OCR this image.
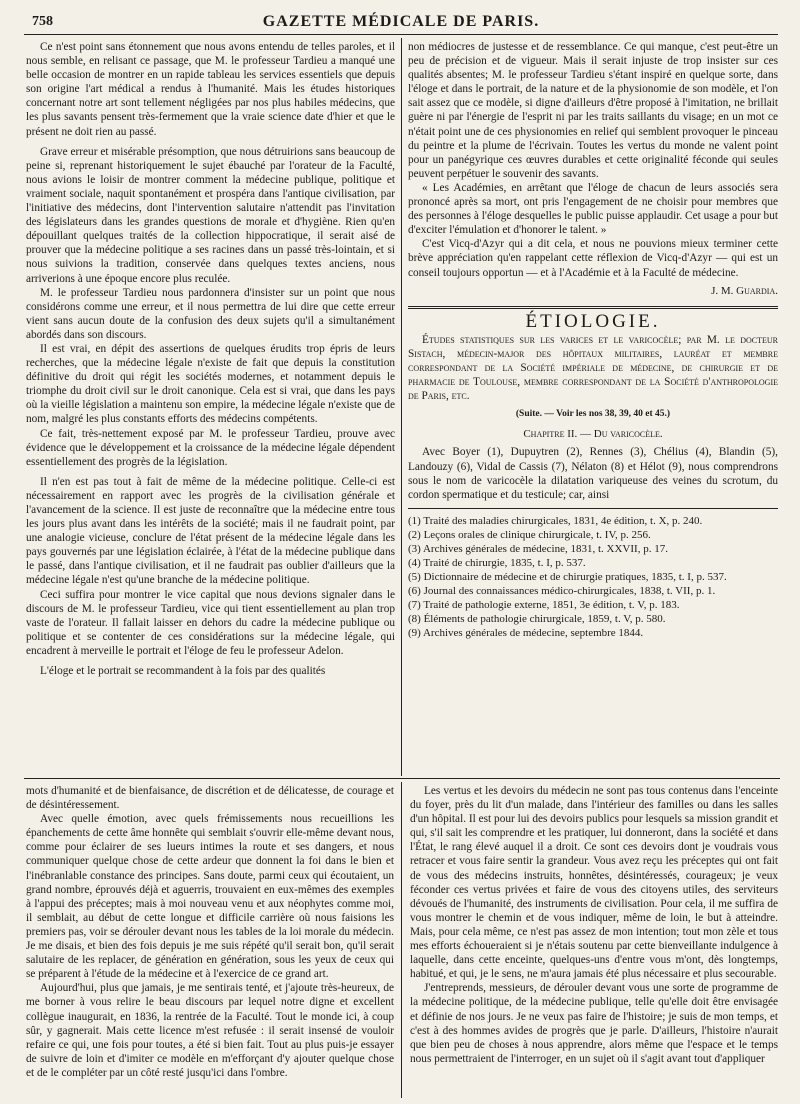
758	GAZETTE MÉDICALE DE PARIS.

Ce n'est point sans étonnement que nous avons entendu de telles paroles, et il nous semble, en relisant ce passage, que M. le professeur Tardieu a manqué une belle occasion de montrer en un rapide tableau les services essentiels que depuis son origine l'art médical a rendus à l'humanité. Mais les études historiques concernant notre art sont tellement négligées par nos plus habiles médecins, que les plus savants pensent très-fermement que la vraie science date d'hier et que le présent ne doit rien au passé.

Grave erreur et misérable présomption, que nous détruirions sans beaucoup de peine si, reprenant historiquement le sujet ébauché par l'orateur de la Faculté, nous avions le loisir de montrer comment la médecine publique, politique et vraiment sociale, naquit spontanément et prospéra dans l'antique civilisation, par l'initiative des médecins, dont l'intervention salutaire n'attendit pas l'invitation des législateurs dans les grandes questions de morale et d'hygiène. Rien qu'en dépouillant quelques traités de la collection hippocratique, il serait aisé de prouver que la médecine politique a ses racines dans un passé très-lointain, et si nous suivions la tradition, conservée dans quelques textes anciens, nous arriverions à une époque encore plus reculée.

M. le professeur Tardieu nous pardonnera d'insister sur un point que nous considérons comme une erreur, et il nous permettra de lui dire que cette erreur vient sans aucun doute de la confusion des deux sujets qu'il a simultanément abordés dans son discours.

Il est vrai, en dépit des assertions de quelques érudits trop épris de leurs recherches, que la médecine légale n'existe de fait que depuis la constitution définitive du droit qui régit les sociétés modernes, et notamment depuis le triomphe du droit civil sur le droit canonique. Cela est si vrai, que dans les pays où la vieille législation a maintenu son empire, la médecine légale n'existe que de nom, malgré les plus constants efforts des médecins compétents.

Ce fait, très-nettement exposé par M. le professeur Tardieu, prouve avec évidence que le développement et la croissance de la médecine légale dépendent essentiellement des progrès de la législation.

Il n'en est pas tout à fait de même de la médecine politique. Celle-ci est nécessairement en rapport avec les progrès de la civilisation générale et l'avancement de la science. Il est juste de reconnaître que la médecine entre tous les jours plus avant dans les intérêts de la société; mais il ne faudrait point, par une analogie vicieuse, conclure de l'état présent de la médecine légale dans les pays gouvernés par une législation éclairée, à l'état de la médecine publique dans le passé, dans l'antique civilisation, et il ne faudrait pas oublier d'ailleurs que la médecine légale n'est qu'une branche de la médecine politique.

Ceci suffira pour montrer le vice capital que nous devions signaler dans le discours de M. le professeur Tardieu, vice qui tient essentiellement au plan trop vaste de l'orateur. Il fallait laisser en dehors du cadre la médecine publique ou politique et se contenter de ces considérations sur la médecine légale, qui encadrent à merveille le portrait et l'éloge de feu le professeur Adelon.

L'éloge et le portrait se recommandent à la fois par des qualités

non médiocres de justesse et de ressemblance. Ce qui manque, c'est peut-être un peu de précision et de vigueur. Mais il serait injuste de trop insister sur ces qualités absentes; M. le professeur Tardieu s'étant inspiré en quelque sorte, dans l'éloge et dans le portrait, de la nature et de la physionomie de son modèle, et l'on sait assez que ce modèle, si digne d'ailleurs d'être proposé à l'imitation, ne brillait guère ni par l'énergie de l'esprit ni par les traits saillants du visage; en un mot ce n'était point une de ces physionomies en relief qui semblent provoquer le pinceau du peintre et la plume de l'écrivain. Toutes les vertus du monde ne valent point pour un panégyrique ces œuvres durables et cette originalité féconde qui seules peuvent perpétuer le souvenir des savants.

« Les Académies, en arrêtant que l'éloge de chacun de leurs associés sera prononcé après sa mort, ont pris l'engagement de ne choisir pour membres que des personnes à l'éloge desquelles le public puisse applaudir. Cet usage a pour but d'exciter l'émulation et d'honorer le talent. »

C'est Vicq-d'Azyr qui a dit cela, et nous ne pouvions mieux terminer cette brève appréciation qu'en rappelant cette réflexion de Vicq-d'Azyr — qui est un conseil toujours opportun — et à l'Académie et à la Faculté de médecine.

J. M. Guardia.
ÉTIOLOGIE.

Études statistiques sur les varices et le varicocèle; par M. le docteur Sistach, médecin-major des hôpitaux militaires, lauréat et membre correspondant de la Société impériale de médecine, de chirurgie et de pharmacie de Toulouse, membre correspondant de la Société d'anthropologie de Paris, etc.

(Suite. — Voir les nos 38, 39, 40 et 45.)
Chapitre II. — Du varicocèle.

Avec Boyer (1), Dupuytren (2), Rennes (3), Chélius (4), Blandin (5), Landouzy (6), Vidal de Cassis (7), Nélaton (8) et Hélot (9), nous comprendrons sous le nom de varicocèle la dilatation variqueuse des veines du scrotum, du cordon spermatique et du testicule; car, ainsi

(1) Traité des maladies chirurgicales, 1831, 4e édition, t. X, p. 240.

(2) Leçons orales de clinique chirurgicale, t. IV, p. 256.

(3) Archives générales de médecine, 1831, t. XXVII, p. 17.

(4) Traité de chirurgie, 1835, t. I, p. 537.

(5) Dictionnaire de médecine et de chirurgie pratiques, 1835, t. I, p. 537.

(6) Journal des connaissances médico-chirurgicales, 1838, t. VII, p. 1.

(7) Traité de pathologie externe, 1851, 3e édition, t. V, p. 183.

(8) Éléments de pathologie chirurgicale, 1859, t. V, p. 580.

(9) Archives générales de médecine, septembre 1844.

mots d'humanité et de bienfaisance, de discrétion et de délicatesse, de courage et de désintéressement.

Avec quelle émotion, avec quels frémissements nous recueillions les épanchements de cette âme honnête qui semblait s'ouvrir elle-même devant nous, comme pour éclairer de ses lueurs intimes la route et ses dangers, et nous communiquer quelque chose de cette ardeur que donnent la foi dans le bien et l'inébranlable constance des principes. Sans doute, parmi ceux qui écoutaient, un grand nombre, éprouvés déjà et aguerris, trouvaient en eux-mêmes des exemples à l'appui des préceptes; mais à moi nouveau venu et aux néophytes comme moi, il semblait, au début de cette longue et difficile carrière où nous faisions les premiers pas, voir se dérouler devant nous les tables de la loi morale du médecin. Je me disais, et bien des fois depuis je me suis répété qu'il serait bon, qu'il serait salutaire de les replacer, de génération en génération, sous les yeux de ceux qui se préparent à l'étude de la médecine et à l'exercice de ce grand art.

Aujourd'hui, plus que jamais, je me sentirais tenté, et j'ajoute très-heureux, de me borner à vous relire le beau discours par lequel notre digne et excellent collègue inaugurait, en 1836, la rentrée de la Faculté. Tout le monde ici, à coup sûr, y gagnerait. Mais cette licence m'est refusée : il serait insensé de vouloir refaire ce qui, une fois pour toutes, a été si bien fait. Tout au plus puis-je essayer de suivre de loin et d'imiter ce modèle en m'efforçant d'y ajouter quelque chose et de le compléter par un côté resté jusqu'ici dans l'ombre.

Les vertus et les devoirs du médecin ne sont pas tous contenus dans l'enceinte du foyer, près du lit d'un malade, dans l'intérieur des familles ou dans les salles d'un hôpital. Il est pour lui des devoirs publics pour lesquels sa mission grandit et qui, s'il sait les comprendre et les pratiquer, lui donneront, dans la société et dans l'État, le rang élevé auquel il a droit. Ce sont ces devoirs dont je voudrais vous retracer et vous faire sentir la grandeur. Vous avez reçu les préceptes qui ont fait de vous des médecins instruits, honnêtes, désintéressés, courageux; je veux féconder ces vertus privées et faire de vous des citoyens utiles, des serviteurs dévoués de l'humanité, des instruments de civilisation. Pour cela, il me suffira de vous montrer le chemin et de vous indiquer, même de loin, le but à atteindre. Mais, pour cela même, ce n'est pas assez de mon intention; tout mon zèle et tous mes efforts échoueraient si je n'étais soutenu par cette bienveillante indulgence à laquelle, dans cette enceinte, quelques-uns d'entre vous m'ont, dès longtemps, habitué, et qui, je le sens, ne m'aura jamais été plus nécessaire et plus secourable.

J'entreprends, messieurs, de dérouler devant vous une sorte de programme de la médecine politique, de la médecine publique, telle qu'elle doit être envisagée et définie de nos jours. Je ne veux pas faire de l'histoire; je suis de mon temps, et c'est à des hommes avides de progrès que je parle. D'ailleurs, l'histoire n'aurait que bien peu de choses à nous apprendre, alors même que l'espace et le temps nous permettraient de l'interroger, en un sujet où il s'agit avant tout d'appliquer
